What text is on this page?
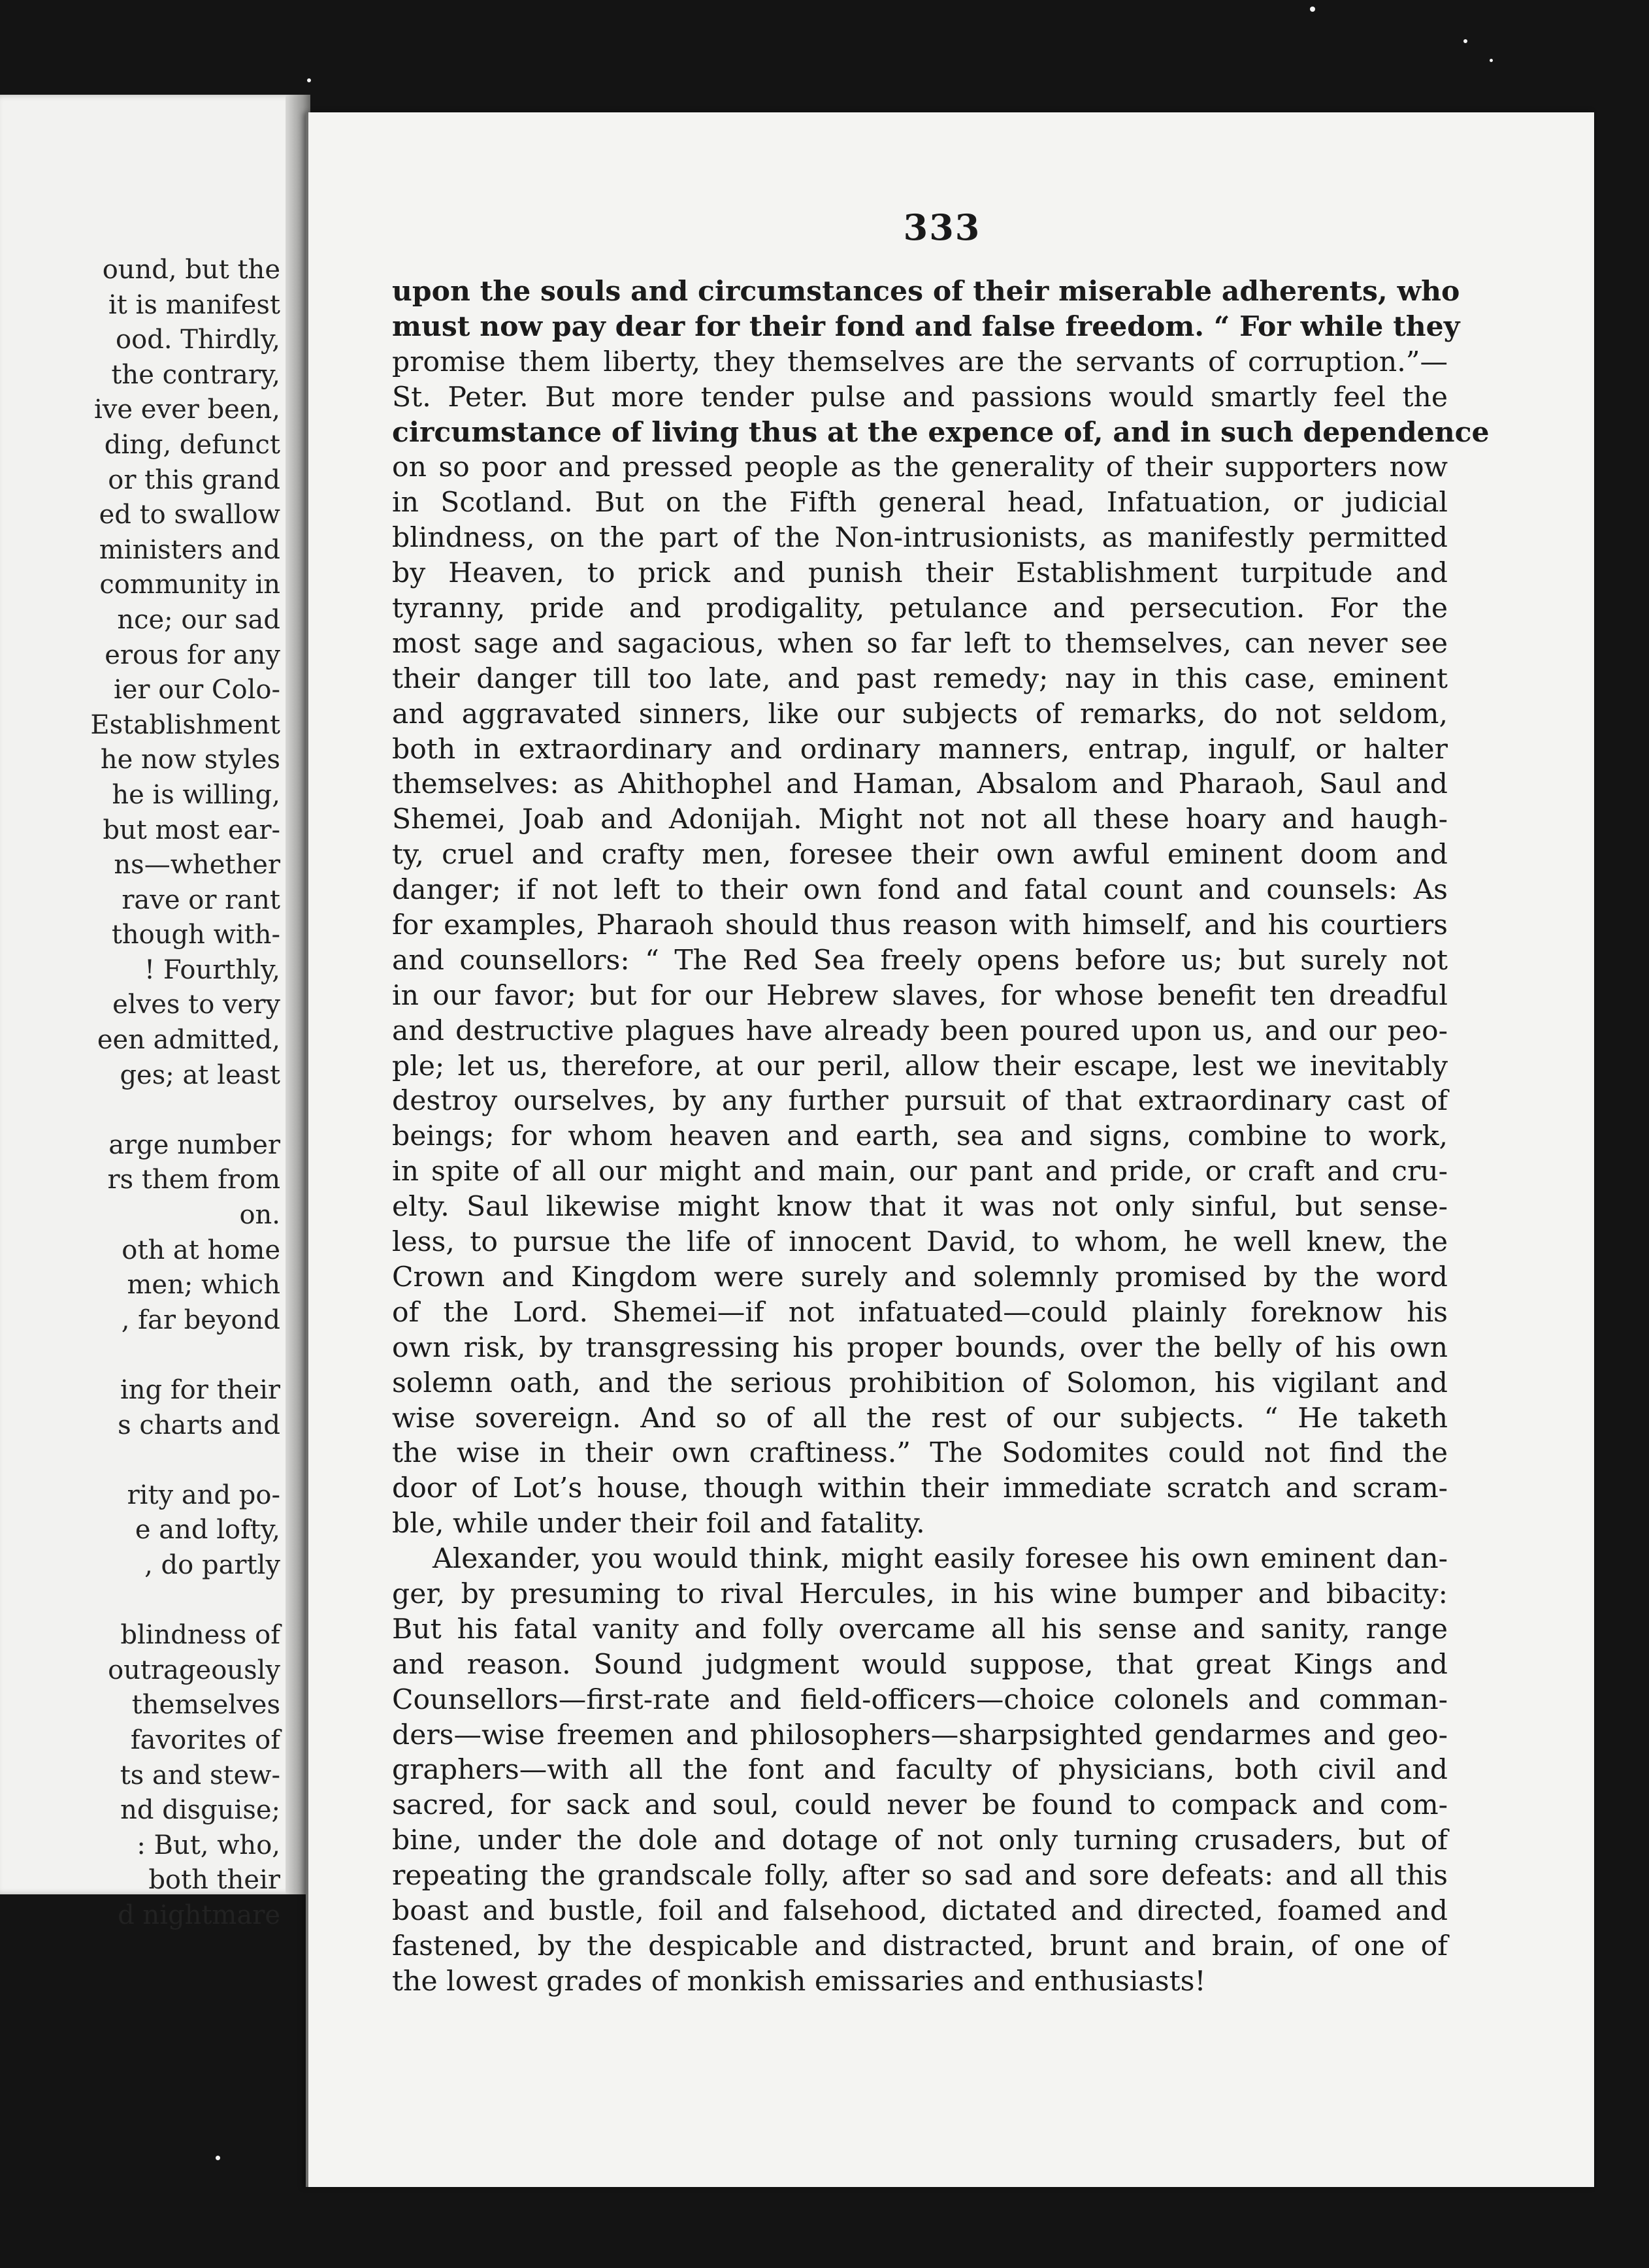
ound, but the
it is manifest
ood. Thirdly,
the contrary,
ive ever been,
ding, defunct
or this grand
ed to swallow
ministers and
community in
nce; our sad
erous for any
ier our Colo-
Establishment
he now styles
he is willing,
but most ear-
ns—whether
rave or rant
though with-
! Fourthly,
elves to very
een admitted,
ges; at least
arge number
rs them from
on.
oth at home
men; which
, far beyond
ing for their
s charts and
rity and po-
e and lofty,
, do partly
blindness of
outrageously
themselves
favorites of
ts and stew-
nd disguise;
: But, who,
both their
d nightmare
333

upon the souls and circumstances of their miserable adherents, who

must now pay dear for their fond and false freedom. “ For while they

promise them liberty, they themselves are the servants of corruption.”—

St. Peter. But more tender pulse and passions would smartly feel the

circumstance of living thus at the expence of, and in such dependence

on so poor and pressed people as the generality of their supporters now

in Scotland. But on the Fifth general head, Infatuation, or judicial

blindness, on the part of the Non-intrusionists, as manifestly permitted

by Heaven, to prick and punish their Establishment turpitude and

tyranny, pride and prodigality, petulance and persecution. For the

most sage and sagacious, when so far left to themselves, can never see

their danger till too late, and past remedy; nay in this case, eminent

and aggravated sinners, like our subjects of remarks, do not seldom,

both in extraordinary and ordinary manners, entrap, ingulf, or halter

themselves: as Ahithophel and Haman, Absalom and Pharaoh, Saul and

Shemei, Joab and Adonijah. Might not not all these hoary and haugh-

ty, cruel and crafty men, foresee their own awful eminent doom and

danger; if not left to their own fond and fatal count and counsels: As

for examples, Pharaoh should thus reason with himself, and his courtiers

and counsellors: “ The Red Sea freely opens before us; but surely not

in our favor; but for our Hebrew slaves, for whose benefit ten dreadful

and destructive plagues have already been poured upon us, and our peo-

ple; let us, therefore, at our peril, allow their escape, lest we inevitably

destroy ourselves, by any further pursuit of that extraordinary cast of

beings; for whom heaven and earth, sea and signs, combine to work,

in spite of all our might and main, our pant and pride, or craft and cru-

elty. Saul likewise might know that it was not only sinful, but sense-

less, to pursue the life of innocent David, to whom, he well knew, the

Crown and Kingdom were surely and solemnly promised by the word

of the Lord. Shemei—if not infatuated—could plainly foreknow his

own risk, by transgressing his proper bounds, over the belly of his own

solemn oath, and the serious prohibition of Solomon, his vigilant and

wise sovereign. And so of all the rest of our subjects. “ He taketh

the wise in their own craftiness.” The Sodomites could not find the

door of Lot’s house, though within their immediate scratch and scram-

ble, while under their foil and fatality.

Alexander, you would think, might easily foresee his own eminent dan-

ger, by presuming to rival Hercules, in his wine bumper and bibacity:

But his fatal vanity and folly overcame all his sense and sanity, range

and reason. Sound judgment would suppose, that great Kings and

Counsellors—first-rate and field-officers—choice colonels and comman-

ders—wise freemen and philosophers—sharpsighted gendarmes and geo-

graphers—with all the font and faculty of physicians, both civil and

sacred, for sack and soul, could never be found to compack and com-

bine, under the dole and dotage of not only turning crusaders, but of

repeating the grandscale folly, after so sad and sore defeats: and all this

boast and bustle, foil and falsehood, dictated and directed, foamed and

fastened, by the despicable and distracted, brunt and brain, of one of

the lowest grades of monkish emissaries and enthusiasts!
